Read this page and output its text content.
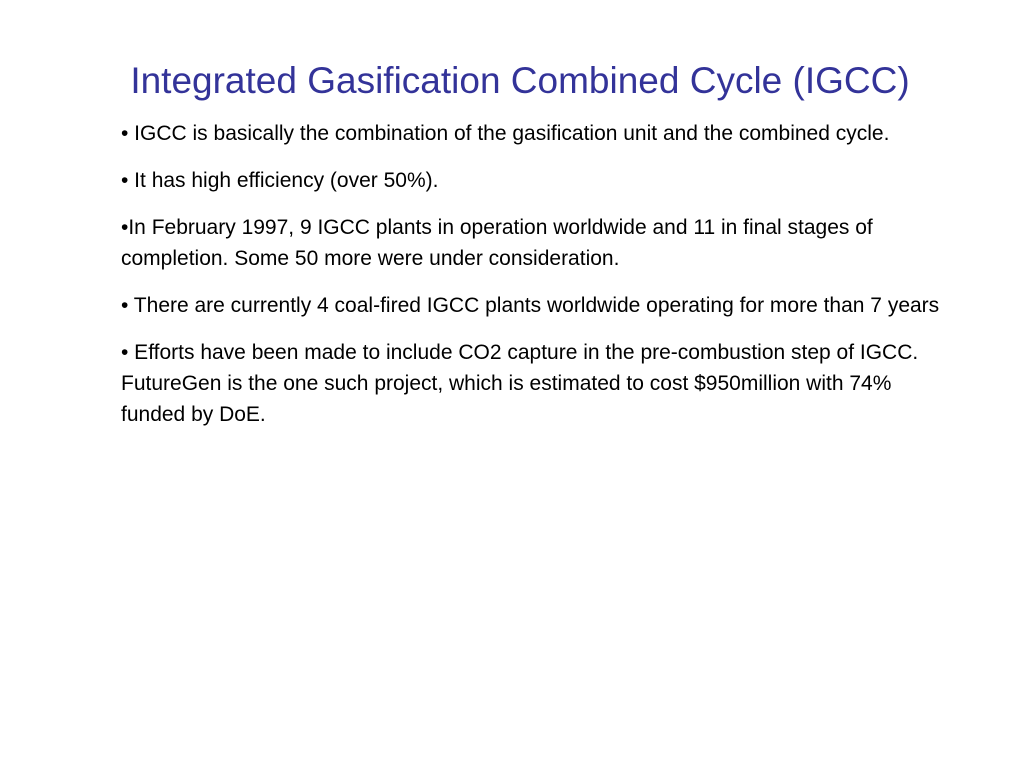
Integrated Gasification Combined Cycle (IGCC)

• IGCC is basically the combination of the gasification unit and the combined cycle.

• It has high efficiency (over 50%).

•In February 1997, 9 IGCC plants in operation worldwide and 11 in final stages of completion. Some 50 more were under consideration.

• There are currently 4 coal-fired IGCC plants worldwide operating for more than 7 years

• Efforts have been made to include CO2 capture in the pre-combustion step of IGCC. FutureGen is the one such project, which is estimated to cost $950million with 74% funded by DoE.
